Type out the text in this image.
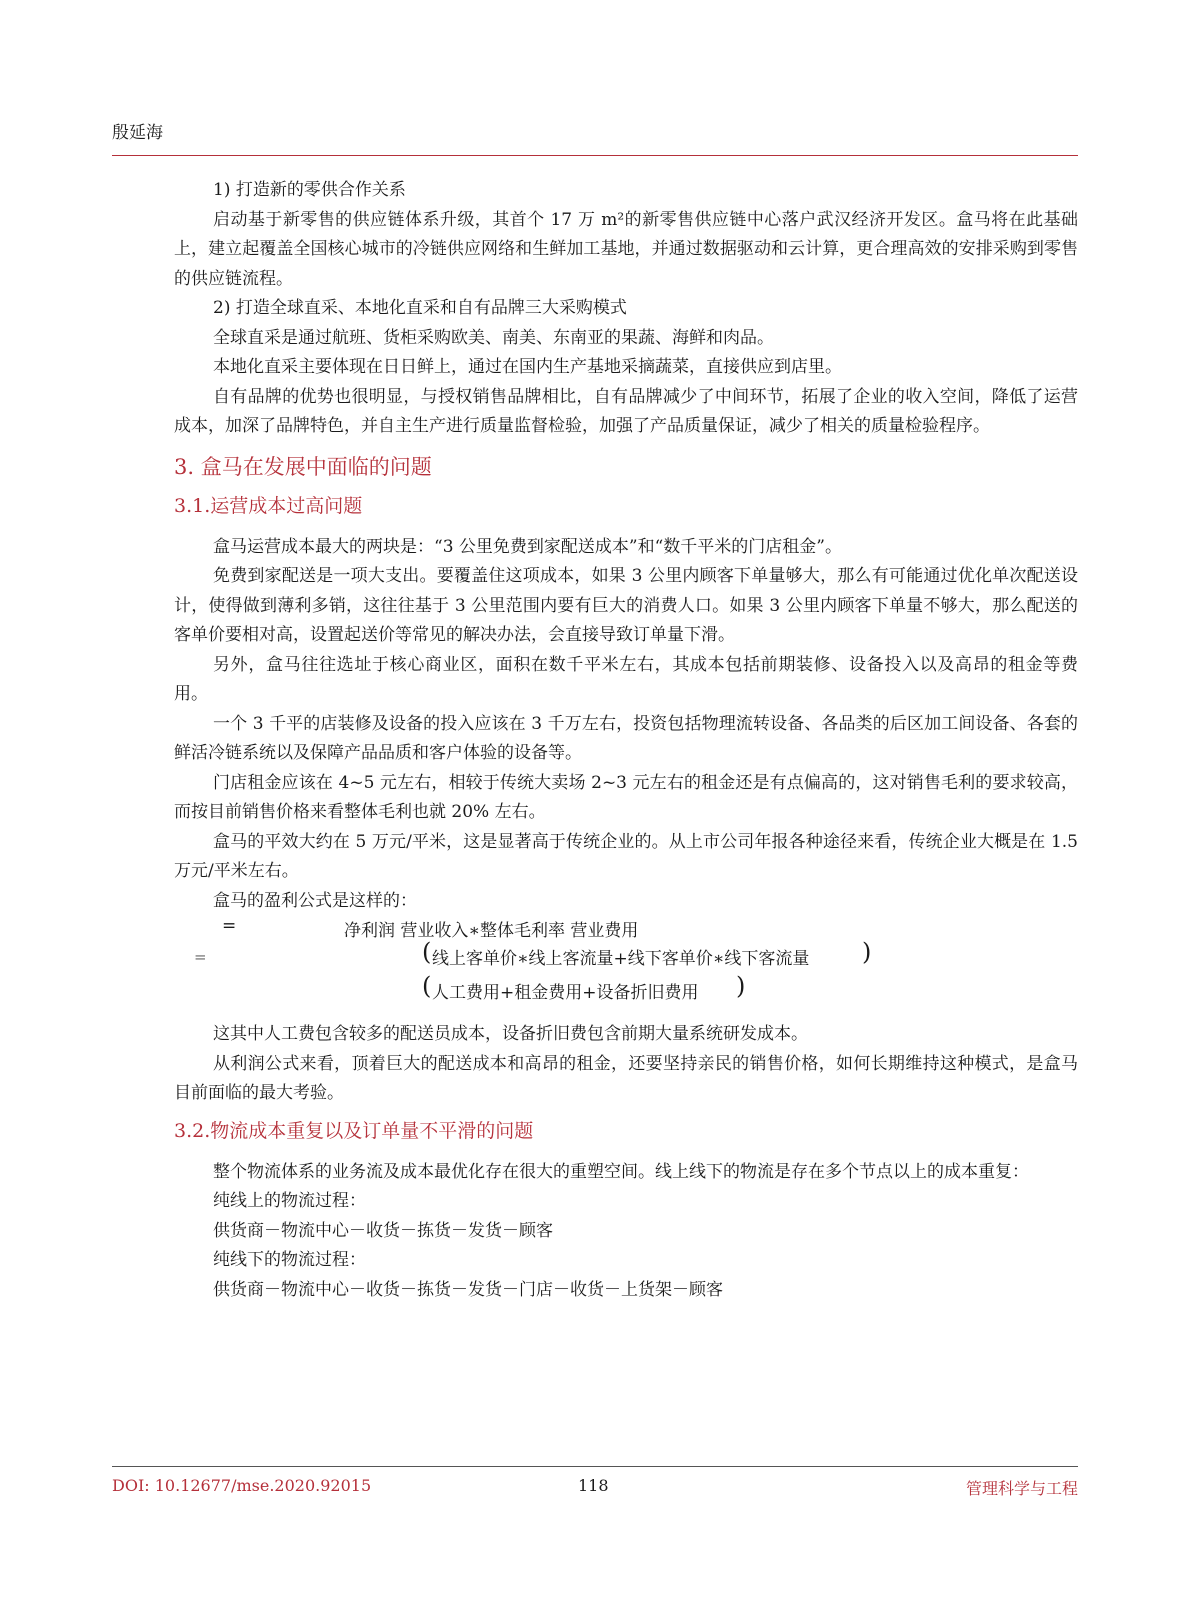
殷延海

1) 打造新的零供合作关系

启动基于新零售的供应链体系升级，其首个 17 万 m²的新零售供应链中心落户武汉经济开发区。盒马将在此基础上，建立起覆盖全国核心城市的冷链供应网络和生鲜加工基地，并通过数据驱动和云计算，更合理高效的安排采购到零售的供应链流程。

2) 打造全球直采、本地化直采和自有品牌三大采购模式

全球直采是通过航班、货柜采购欧美、南美、东南亚的果蔬、海鲜和肉品。

本地化直采主要体现在日日鲜上，通过在国内生产基地采摘蔬菜，直接供应到店里。

自有品牌的优势也很明显，与授权销售品牌相比，自有品牌减少了中间环节，拓展了企业的收入空间，降低了运营成本，加深了品牌特色，并自主生产进行质量监督检验，加强了产品质量保证，减少了相关的质量检验程序。

3. 盒马在发展中面临的问题
3.1.运营成本过高问题

盒马运营成本最大的两块是：“3 公里免费到家配送成本”和“数千平米的门店租金”。

免费到家配送是一项大支出。要覆盖住这项成本，如果 3 公里内顾客下单量够大，那么有可能通过优化单次配送设计，使得做到薄利多销，这往往基于 3 公里范围内要有巨大的消费人口。如果 3 公里内顾客下单量不够大，那么配送的客单价要相对高，设置起送价等常见的解决办法，会直接导致订单量下滑。

另外，盒马往往选址于核心商业区，面积在数千平米左右，其成本包括前期装修、设备投入以及高昂的租金等费用。

一个 3 千平的店装修及设备的投入应该在 3 千万左右，投资包括物理流转设备、各品类的后区加工间设备、各套的鲜活冷链系统以及保障产品品质和客户体验的设备等。

门店租金应该在 4~5 元左右，相较于传统大卖场 2~3 元左右的租金还是有点偏高的，这对销售毛利的要求较高，而按目前销售价格来看整体毛利也就 20% 左右。

盒马的平效大约在 5 万元/平米，这是显著高于传统企业的。从上市公司年报各种途径来看，传统企业大概是在 1.5万元/平米左右。

盒马的盈利公式是这样的：

=
=
净利润 营业收入∗整体毛利率 营业费用
( 线上客单价∗线上客流量+线下客单价∗线下客流量 )
( 人工费用+租金费用+设备折旧费用 )

这其中人工费包含较多的配送员成本，设备折旧费包含前期大量系统研发成本。

从利润公式来看，顶着巨大的配送成本和高昂的租金，还要坚持亲民的销售价格，如何长期维持这种模式，是盒马目前面临的最大考验。

3.2.物流成本重复以及订单量不平滑的问题

整个物流体系的业务流及成本最优化存在很大的重塑空间。线上线下的物流是存在多个节点以上的成本重复：

纯线上的物流过程：

供货商－物流中心－收货－拣货－发货－顾客

纯线下的物流过程：

供货商－物流中心－收货－拣货－发货－门店－收货－上货架－顾客

DOI: 10.12677/mse.2020.92015	118	管理科学与工程
